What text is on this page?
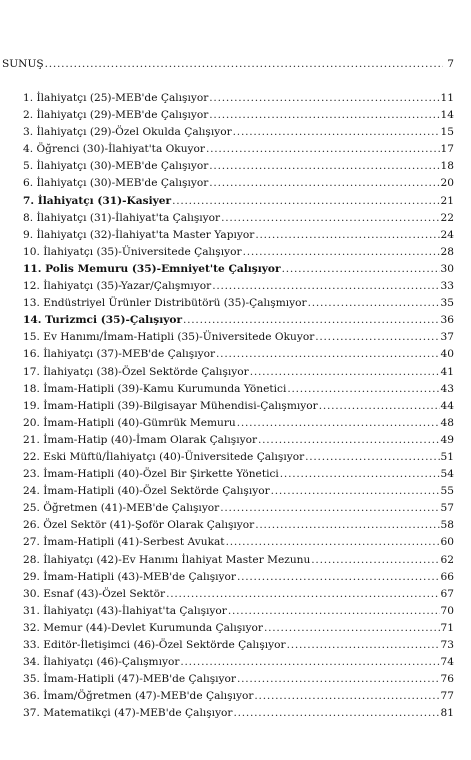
SUNUŞ . . .	7
1. İlahiyatçı (25)-MEB'de Çalışıyor . . .	11
2. İlahiyatçı (29)-MEB'de Çalışıyor . . .	14
3. İlahiyatçı (29)-Özel Okulda Çalışıyor . . .	15
4. Öğrenci (30)-İlahiyat'ta Okuyor . . .	17
5. İlahiyatçı (30)-MEB'de Çalışıyor . . .	18
6. İlahiyatçı (30)-MEB'de Çalışıyor . . .	20
7. İlahiyatçı (31)-Kasiyer . . .	21
8. İlahiyatçı (31)-İlahiyat'ta Çalışıyor . . .	22
9. İlahiyatçı (32)-İlahiyat'ta Master Yapıyor . . .	24
10. İlahiyatçı (35)-Üniversitede Çalışıyor . . .	28
11. Polis Memuru (35)-Emniyet'te Çalışıyor . . .	30
12. İlahiyatçı (35)-Yazar/Çalışmıyor . . .	33
13. Endüstriyel Ürünler Distribütörü (35)-Çalışmıyor . . .	35
14. Turizmci (35)-Çalışıyor . . .	36
15. Ev Hanımı/İmam-Hatipli (35)-Üniversitede Okuyor . . .	37
16. İlahiyatçı (37)-MEB'de Çalışıyor . . .	40
17. İlahiyatçı (38)-Özel Sektörde Çalışıyor . . .	41
18. İmam-Hatipli (39)-Kamu Kurumunda Yönetici . . .	43
19. İmam-Hatipli (39)-Bilgisayar Mühendisi-Çalışmıyor . . .	44
20. İmam-Hatipli (40)-Gümrük Memuru . . .	48
21. İmam-Hatip (40)-İmam Olarak Çalışıyor . . .	49
22. Eski Müftü/İlahiyatçı (40)-Üniversitede Çalışıyor . . .	51
23. İmam-Hatipli (40)-Özel Bir Şirkette Yönetici . . .	54
24. İmam-Hatipli (40)-Özel Sektörde Çalışıyor . . .	55
25. Öğretmen (41)-MEB'de Çalışıyor . . .	57
26. Özel Sektör (41)-Şoför Olarak Çalışıyor . . .	58
27. İmam-Hatipli (41)-Serbest Avukat . . .	60
28. İlahiyatçı (42)-Ev Hanımı İlahiyat Master Mezunu . . .	62
29. İmam-Hatipli (43)-MEB'de Çalışıyor . . .	66
30. Esnaf (43)-Özel Sektör . . .	67
31. İlahiyatçı (43)-İlahiyat'ta Çalışıyor . . .	70
32. Memur (44)-Devlet Kurumunda Çalışıyor . . .	71
33. Editör-İletişimci (46)-Özel Sektörde Çalışıyor . . .	73
34. İlahiyatçı (46)-Çalışmıyor . . .	74
35. İmam-Hatipli (47)-MEB'de Çalışıyor . . .	76
36. İmam/Öğretmen (47)-MEB'de Çalışıyor . . .	77
37. Matematikçi (47)-MEB'de Çalışıyor . . .	81
